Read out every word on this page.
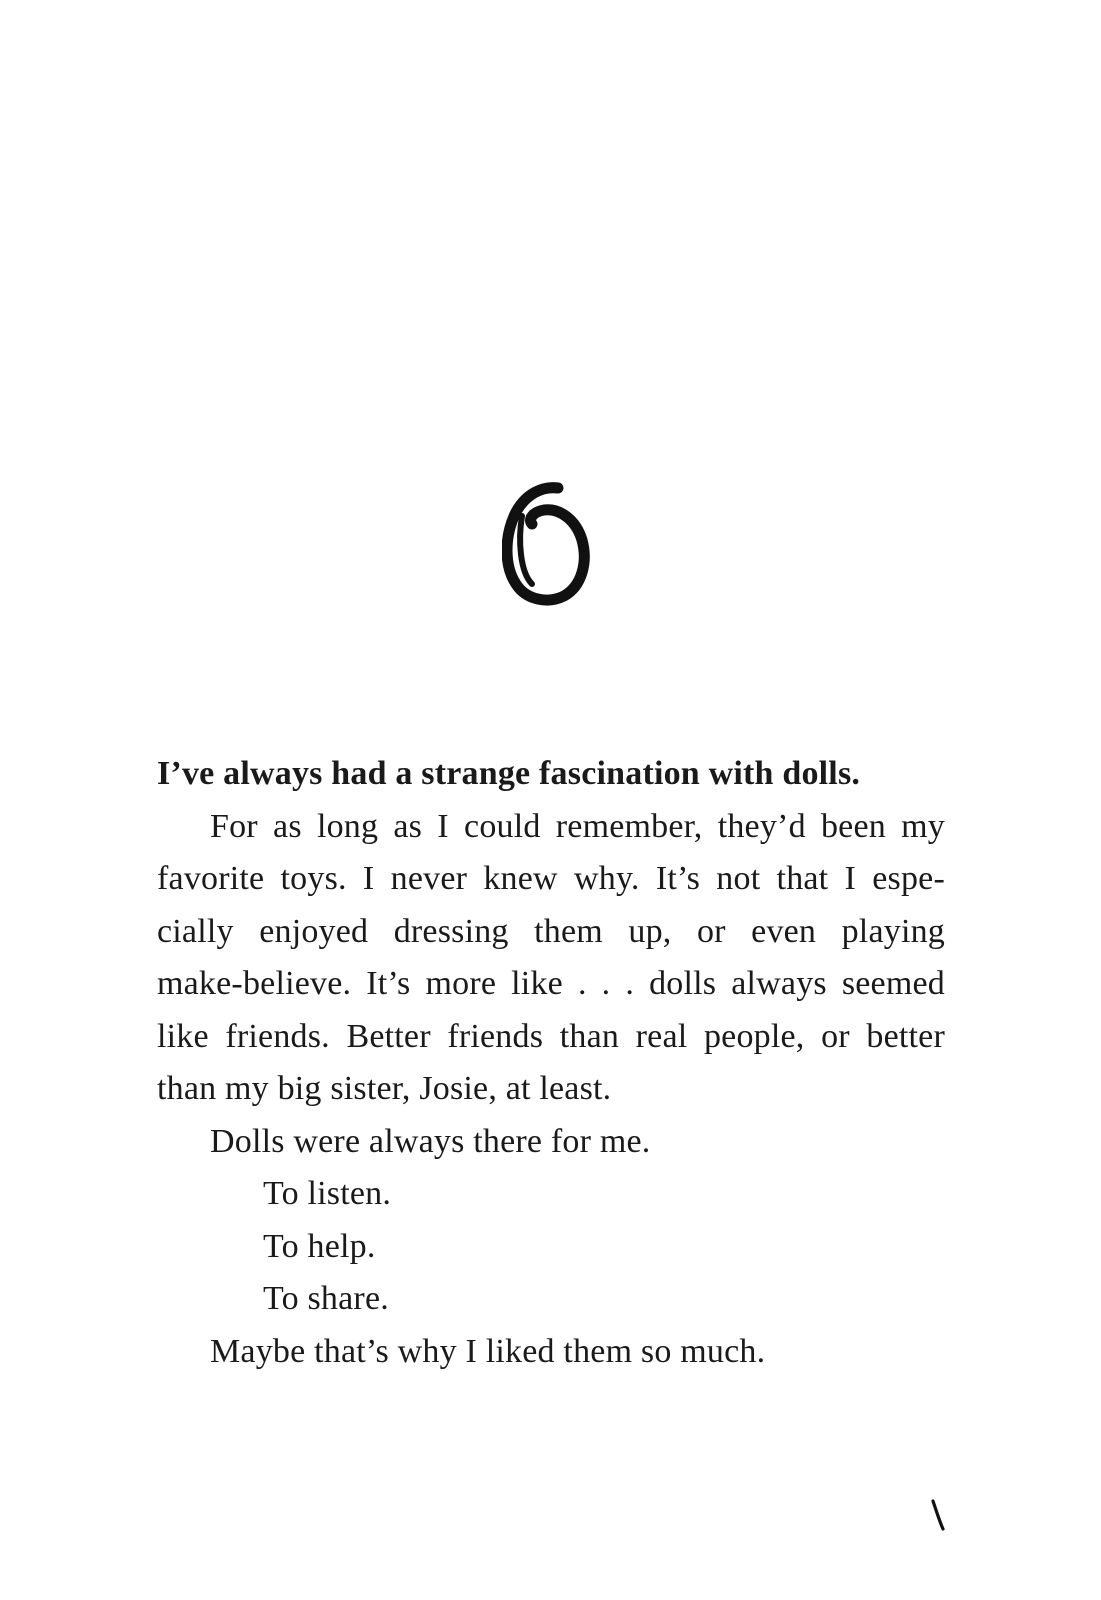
I’ve always had a strange fascination with dolls.
For as long as I could remember, they’d been my
favorite toys. I never knew why. It’s not that I espe-
cially enjoyed dressing them up, or even playing
make-believe. It’s more like . . . dolls always seemed
like friends. Better friends than real people, or better
than my big sister, Josie, at least.
Dolls were always there for me.
To listen.
To help.
To share.
Maybe that’s why I liked them so much.
